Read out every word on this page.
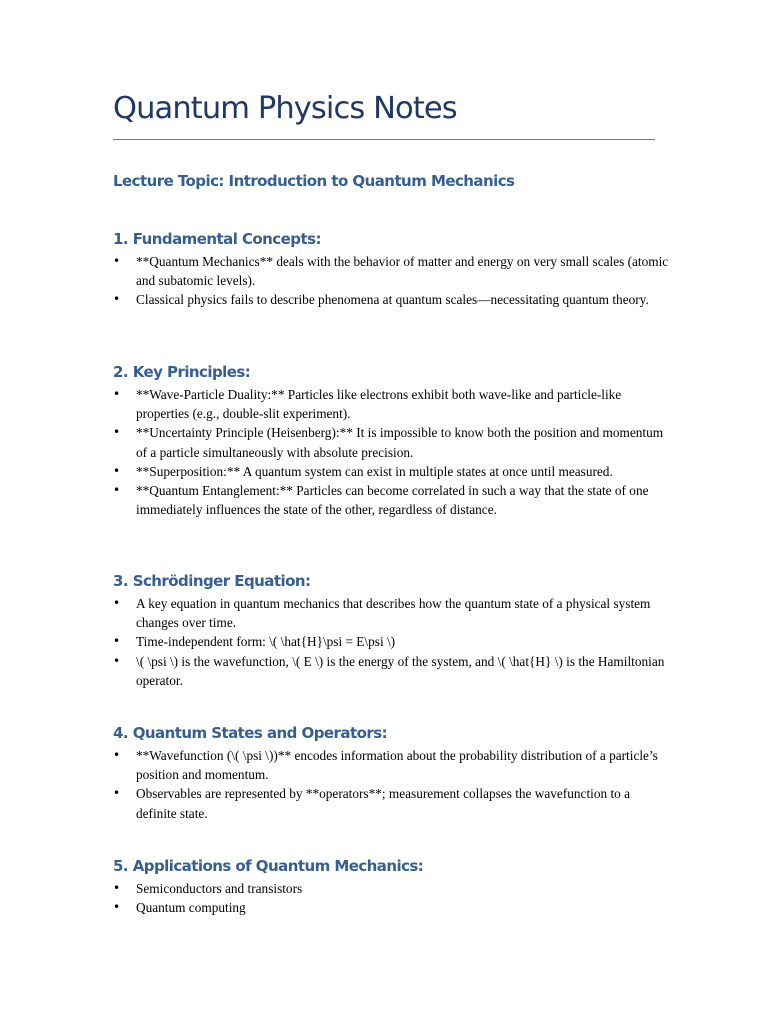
Quantum Physics Notes
Lecture Topic: Introduction to Quantum Mechanics
1. Fundamental Concepts:
• **Quantum Mechanics** deals with the behavior of matter and energy on very small scales (atomic and subatomic levels).
• Classical physics fails to describe phenomena at quantum scales—necessitating quantum theory.
2. Key Principles:
• **Wave-Particle Duality:** Particles like electrons exhibit both wave-like and particle-like properties (e.g., double-slit experiment).
• **Uncertainty Principle (Heisenberg):** It is impossible to know both the position and momentum of a particle simultaneously with absolute precision.
• **Superposition:** A quantum system can exist in multiple states at once until measured.
• **Quantum Entanglement:** Particles can become correlated in such a way that the state of one immediately influences the state of the other, regardless of distance.
3. Schrödinger Equation:
• A key equation in quantum mechanics that describes how the quantum state of a physical system changes over time.
• Time-independent form: \( \hat{H}\psi = E\psi \)
• \( \psi \) is the wavefunction, \( E \) is the energy of the system, and \( \hat{H} \) is the Hamiltonian operator.
4. Quantum States and Operators:
• **Wavefunction (\( \psi \))** encodes information about the probability distribution of a particle’s position and momentum.
• Observables are represented by **operators**; measurement collapses the wavefunction to a definite state.
5. Applications of Quantum Mechanics:
• Semiconductors and transistors
• Quantum computing
